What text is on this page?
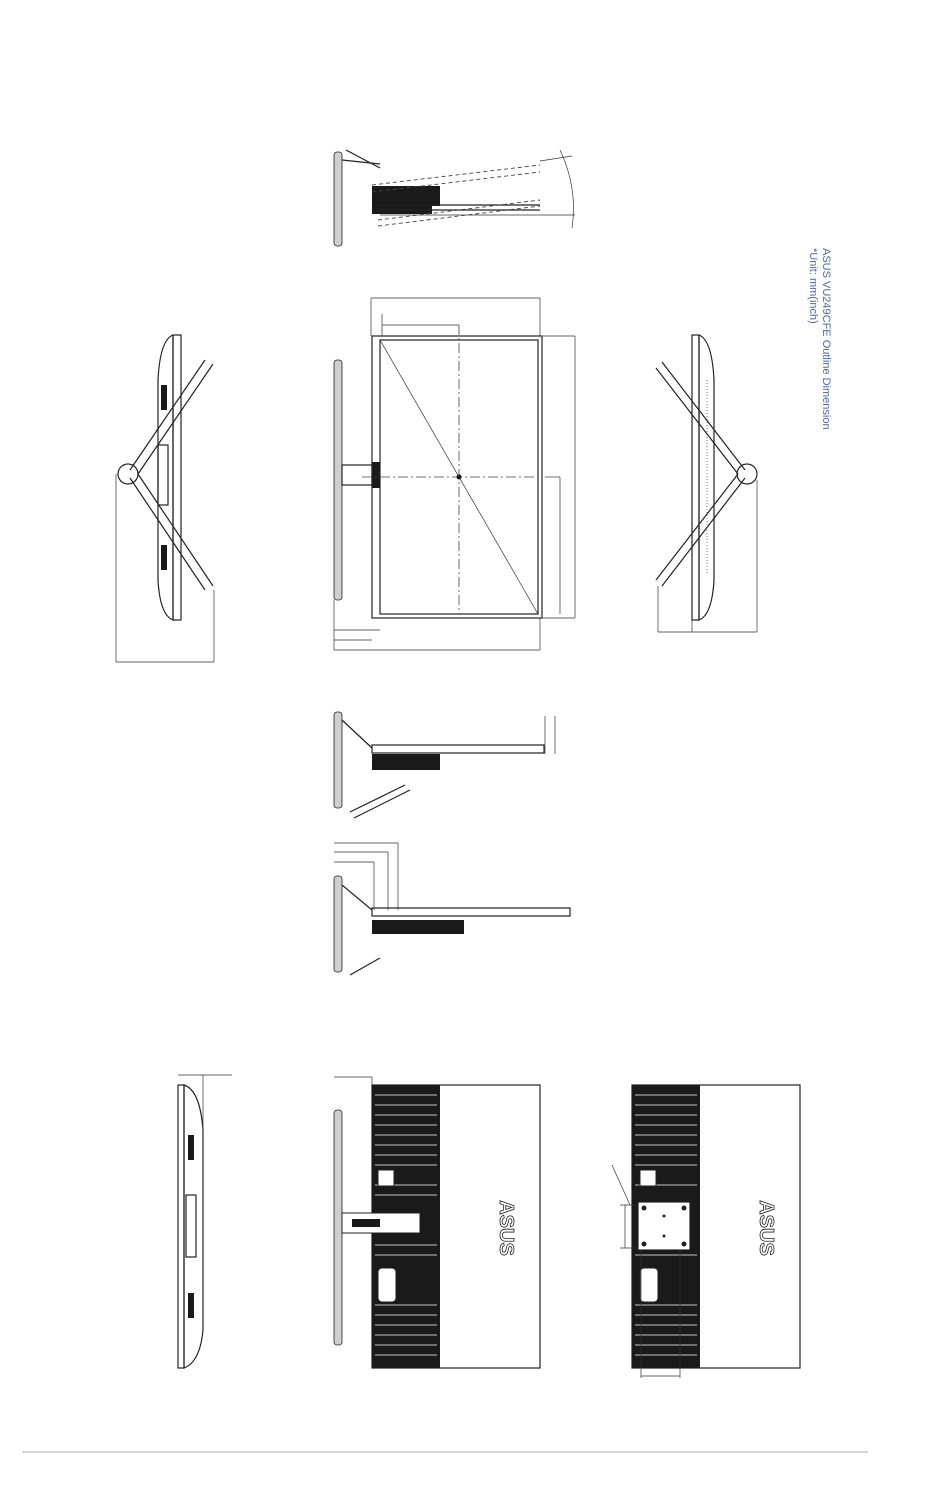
ASUS VU249CFE Outline Dimension
*Unit: mm(inch)
ASUS	ASUS
